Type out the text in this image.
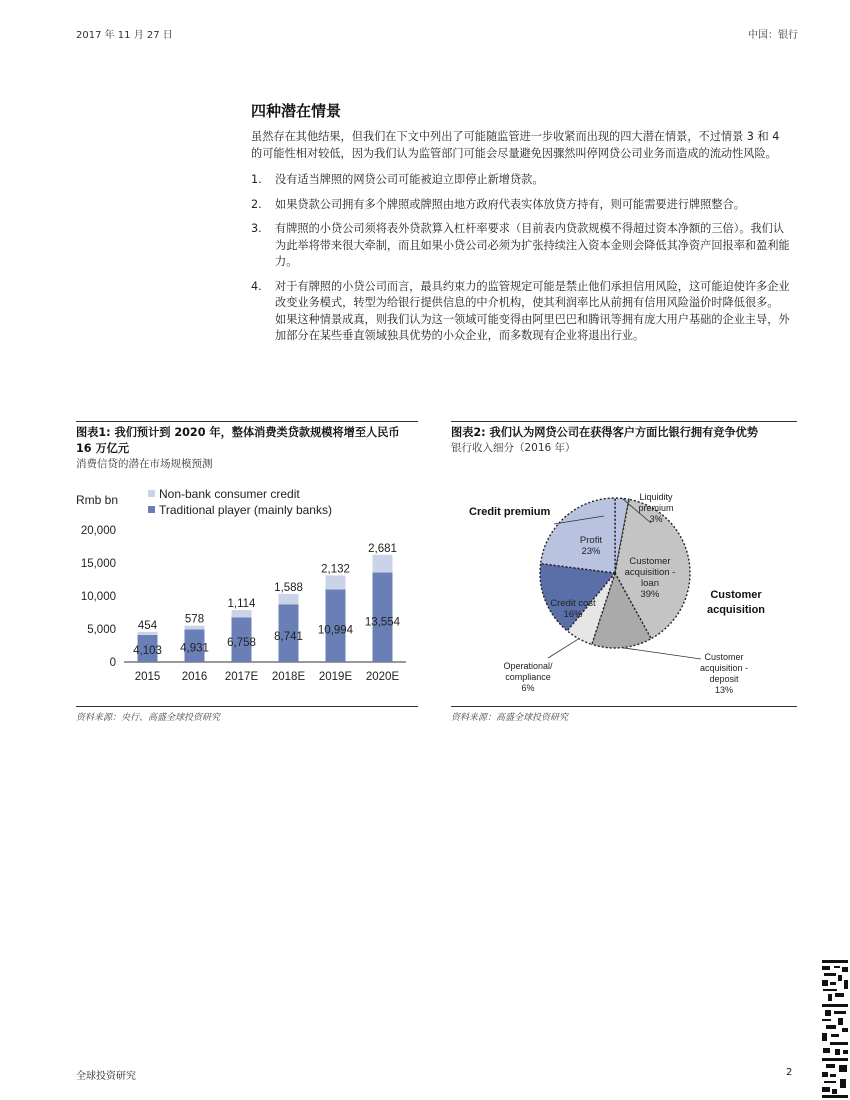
2017 年 11 月 27 日	中国：银行
四种潜在情景
虽然存在其他结果，但我们在下文中列出了可能随监管进一步收紧而出现的四大潜在情景，不过情景 3 和 4 的可能性相对较低，因为我们认为监管部门可能会尽量避免因骤然叫停网贷公司业务而造成的流动性风险。
1.	没有适当牌照的网贷公司可能被迫立即停止新增贷款。
2.	如果贷款公司拥有多个牌照或牌照由地方政府代表实体放贷方持有，则可能需要进行牌照整合。
3.	有牌照的小贷公司须将表外贷款算入杠杆率要求（目前表内贷款规模不得超过资本净额的三倍）。我们认为此举将带来很大牵制，而且如果小贷公司必须为扩张持续注入资本金则会降低其净资产回报率和盈利能力。
4.	对于有牌照的小贷公司而言，最具约束力的监管规定可能是禁止他们承担信用风险，这可能迫使许多企业改变业务模式，转型为给银行提供信息的中介机构，使其利润率比从前拥有信用风险溢价时降低很多。 如果这种情景成真，则我们认为这一领域可能变得由阿里巴巴和腾讯等拥有庞大用户基础的企业主导，外加部分在某些垂直领域独具优势的小众企业，而多数现有企业将退出行业。
图表1: 我们预计到 2020 年，整体消费类贷款规模将增至人民币 16 万亿元
消费信贷的潜在市场规模预测
图表2: 我们认为网贷公司在获得客户方面比银行拥有竞争优势
银行收入细分（2016 年）
Rmb bn	Non-bank consumer credit
Traditional player (mainly banks)
0
5,000
10,000
15,000
20,000
4,103
454
2015
4,931
578
2016
6,758
1,114
2017E
8,741
1,588
2018E
10,994
2,132
2019E
13,554
2,681
2020E
Liquidity
premium
3%
Customer
acquisition -
loan
39%
Customer
acquisition -
deposit
13%
Operational/
compliance
6%
Credit cost
16%
Profit
23%
Credit premium
Customer
acquisition
资料来源：央行、高盛全球投资研究	资料来源：高盛全球投资研究
全球投资研究	2
